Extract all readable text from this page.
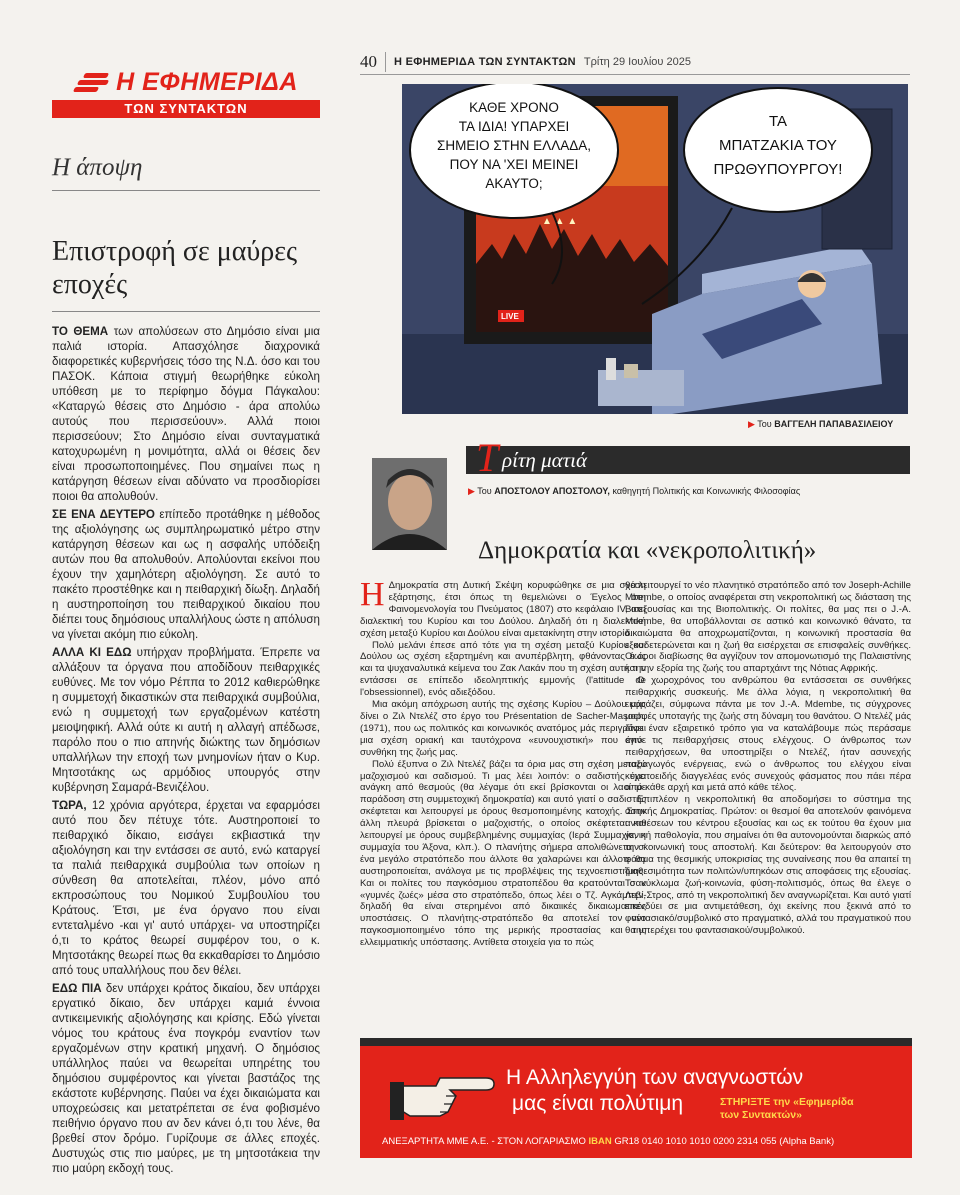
Η ΕΦΗΜΕΡΙΔΑ
ΤΩΝ ΣΥΝΤΑΚΤΩΝ
Η άποψη
Επιστροφή σε μαύρες εποχές

ΤΟ ΘΕΜΑ των απολύσεων στο Δημόσιο είναι μια παλιά ιστορία. Απασχόλησε διαχρονικά διαφορετικές κυβερνήσεις τόσο της Ν.Δ. όσο και του ΠΑΣΟΚ. Κάποια στιγμή θεωρήθηκε εύκολη υπόθεση με το περίφημο δόγμα Πάγκαλου: «Καταργώ θέσεις στο Δημόσιο - άρα απολύω αυτούς που περισσεύουν». Αλλά ποιοι περισσεύουν; Στο Δημόσιο είναι συνταγματικά κατοχυρωμένη η μονιμότητα, αλλά οι θέσεις δεν είναι προσωποποιημένες. Που σημαίνει πως η κατάργηση θέσεων είναι αδύνατο να προσδιορίσει ποιοι θα απολυθούν.

ΣΕ ΕΝΑ ΔΕΥΤΕΡΟ επίπεδο προτάθηκε η μέθοδος της αξιολόγησης ως συμπληρωματικό μέτρο στην κατάργηση θέσεων και ως η ασφαλής υπόδειξη αυτών που θα απολυθούν. Απολύονται εκείνοι που έχουν την χαμηλότερη αξιολόγηση. Σε αυτό το πακέτο προστέθηκε και η πειθαρχική δίωξη. Δηλαδή η αυστηροποίηση του πειθαρχικού δικαίου που διέπει τους δημόσιους υπαλλήλους ώστε η απόλυση να γίνεται ακόμη πιο εύκολη.

ΑΛΛΑ ΚΙ ΕΔΩ υπήρχαν προβλήματα. Έπρεπε να αλλάξουν τα όργανα που αποδίδουν πειθαρχικές ευθύνες. Με τον νόμο Ρέππα το 2012 καθιερώθηκε η συμμετοχή δικαστικών στα πειθαρχικά συμβούλια, ενώ η συμμετοχή των εργαζομένων κατέστη μειοψηφική. Αλλά ούτε κι αυτή η αλλαγή απέδωσε, παρόλο που ο πιο απηνής διώκτης των δημόσιων υπαλλήλων την εποχή των μνημονίων ήταν ο Κυρ. Μητσοτάκης ως αρμόδιος υπουργός στην κυβέρνηση Σαμαρά-Βενιζέλου.

ΤΩΡΑ, 12 χρόνια αργότερα, έρχεται να εφαρμόσει αυτό που δεν πέτυχε τότε. Αυστηροποιεί το πειθαρχικό δίκαιο, εισάγει εκβιαστικά την αξιολόγηση και την εντάσσει σε αυτό, ενώ καταργεί τα παλιά πειθαρχικά συμβούλια των οποίων η σύνθεση θα αποτελείται, πλέον, μόνο από εκπροσώπους του Νομικού Συμβουλίου του Κράτους. Έτσι, με ένα όργανο που είναι εντεταλμένο -και γι' αυτό υπάρχει- να υποστηρίζει ό,τι το κράτος θεωρεί συμφέρον του, ο κ. Μητσοτάκης θεωρεί πως θα εκκαθαρίσει το Δημόσιο από τους υπαλλήλους που δεν θέλει.

ΕΔΩ ΠΙΑ δεν υπάρχει κράτος δικαίου, δεν υπάρχει εργατικό δίκαιο, δεν υπάρχει καμιά έννοια αντικειμενικής αξιολόγησης και κρίσης. Εδώ γίνεται νόμος του κράτους ένα πογκρόμ εναντίον των εργαζομένων στην κρατική μηχανή. Ο δημόσιος υπάλληλος παύει να θεωρείται υπηρέτης του δημόσιου συμφέροντος και γίνεται βαστάζος της εκάστοτε κυβέρνησης. Παύει να έχει δικαιώματα και υποχρεώσεις και μετατρέπεται σε ένα φοβισμένο πειθήνιο όργανο που αν δεν κάνει ό,τι του λένε, θα βρεθεί στον δρόμο. Γυρίζουμε σε άλλες εποχές. Δυστυχώς στις πιο μαύρες, με τη μητσοτάκεια την πιο μαύρη εκδοχή τους.

40	Η ΕΦΗΜΕΡΙΔΑ ΤΩΝ ΣΥΝΤΑΚΤΩΝ Τρίτη 29 Ιουλίου 2025
▲ ▲ ▲
LIVE
ΚΑΘΕ ΧΡΟΝΟ
ΤΑ ΙΔΙΑ! ΥΠΑΡΧΕΙ
ΣΗΜΕΙΟ ΣΤΗΝ ΕΛΛΑΔΑ,
ΠΟΥ ΝΑ 'ΧΕΙ ΜΕΙΝΕΙ
ΑΚΑΥΤΟ;
ΤΑ
ΜΠΑΤΖΑΚΙΑ ΤΟΥ
ΠΡΩΘΥΠΟΥΡΓΟΥ!
▶ Του ΒΑΓΓΕΛΗ ΠΑΠΑΒΑΣΙΛΕΙΟΥ
Τ ρίτη ματιά
▶ Του ΑΠΟΣΤΟΛΟΥ ΑΠΟΣΤΟΛΟΥ, καθηγητή Πολιτικής και Κοινωνικής Φιλοσοφίας
Δημοκρατία και «νεκροπολιτική»

Η Δημοκρατία στη Δυτική Σκέψη κορυφώθηκε σε μια σχέση εξάρτησης, έτσι όπως τη θεμελιώνει ο Έγελος στη Φαινομενολογία του Πνεύματος (1807) στο κεφάλαιο IV, στη διαλεκτική του Κυρίου και του Δούλου. Δηλαδή ότι η διαλεκτική σχέση μεταξύ Κυρίου και Δούλου είναι αμετακίνητη στην ιστορία.

Πολύ μελάνι έπεσε από τότε για τη σχέση μεταξύ Κυρίου και Δούλου ως σχέση εξαρτημένη και ανυπέρβλητη, φθάνοντας έως και τα ψυχαναλυτικά κείμενα του Ζακ Λακάν που τη σχέση αυτή την εντάσσει σε επίπεδο ιδεοληπτικής εμμονής (l'attitude de l'obsessionnel), ενός αδιεξόδου.

Μια ακόμη απόχρωση αυτής της σχέσης Κυρίου – Δούλου μάς δίνει ο Ζιλ Ντελέζ στο έργο του Présentation de Sacher-Masoch, (1971), που ως πολιτικός και κοινωνικός ανατόμος μάς περιγράφει μια σχέση οριακή και ταυτόχρονα «ευνουχιστική» που έγινε συνθήκη της ζωής μας.

Πολύ έξυπνα ο Ζιλ Ντελέζ βάζει τα όρια μας στη σχέση μεταξύ μαζοχισμού και σαδισμού. Τι μας λέει λοιπόν: ο σαδιστής έχει ανάγκη από θεσμούς (θα λέγαμε ότι εκεί βρίσκονται οι λαοί με παράδοση στη συμμετοχική δημοκρατία) και αυτό γιατί ο σαδιστής σκέφτεται και λειτουργεί με όρους θεσμοποιημένης κατοχής. Στην άλλη πλευρά βρίσκεται ο μαζοχιστής, ο οποίος σκέφτεται και λειτουργεί με όρους συμβεβλημένης συμμαχίας (Ιερά Συμμαχία, η συμμαχία του Άξονα, κλπ.). Ο πλανήτης σήμερα απολιθώνεται σ' ένα μεγάλο στρατόπεδο που άλλοτε θα χαλαρώνει και άλλοτε θα αυστηροποιείται, ανάλογα με τις προβλέψεις της τεχνοεπιστήμης. Και οι πολίτες του παγκόσμιου στρατοπέδου θα κρατούνται σαν «γυμνές ζωές» μέσα στο στρατόπεδο, όπως λέει ο Τζ. Αγκάμπεν, δηλαδή θα είναι στερημένοι από δικαιικές δικαιωματικές υποστάσεις. Ο πλανήτης-στρατόπεδο θα αποτελεί τον νέο παγκοσμιοποιημένο τόπο της μερικής προστασίας και της ελλειμματικής υπόστασης. Αντίθετα στοιχεία για το πώς

θα λειτουργεί το νέο πλανητικό στρατόπεδο από τον Joseph-Achille Mbembe, ο οποίος αναφέρεται στη νεκροπολιτική ως διάσταση της Βιοεξουσίας και της Βιοπολιτικής. Οι πολίτες, θα μας πει ο J.-A. Mdembe, θα υποβάλλονται σε αστικό και κοινωνικό θάνατο, τα δικαιώματα θα αποχρωματίζονται, η κοινωνική προστασία θα εξουδετερώνεται και η ζωή θα εισέρχεται σε επισφαλείς συνθήκες. Οι όροι διαβίωσης θα αγγίζουν τον απομονωτισμό της Παλαιστίνης και την εξορία της ζωής του απαρτχάιντ της Νότιας Αφρικής.

Ο χωροχρόνος του ανθρώπου θα εντάσσεται σε συνθήκες πειθαρχικής συσκευής. Με άλλα λόγια, η νεκροπολιτική θα εκφράζει, σύμφωνα πάντα με τον J.-A. Mdembe, τις σύγχρονες μορφές υποταγής της ζωής στη δύναμη του θανάτου. Ο Ντελέζ μάς δίνει έναν εξαιρετικό τρόπο για να καταλάβουμε πώς περάσαμε από τις πειθαρχήσεις στους ελέγχους. Ο άνθρωπος των πειθαρχήσεων, θα υποστηρίξει ο Ντελέζ, ήταν ασυνεχής παραγωγός ενέργειας, ενώ ο άνθρωπος του ελέγχου είναι κυματοειδής διαγγελέας ενός συνεχούς φάσματος που πάει πέρα από κάθε αρχή και μετά από κάθε τέλος.

Επιπλέον η νεκροπολιτική θα αποδομήσει το σύστημα της αστικής Δημοκρατίας. Πρώτον: οι θεσμοί θα αποτελούν φαινόμενα αντιθέσεων του κέντρου εξουσίας και ως εκ τούτου θα έχουν μια γενική παθολογία, που σημαίνει ότι θα αυτονομούνται διαρκώς από την κοινωνική τους αποστολή. Και δεύτερον: θα λειτουργούν στο φάσμα της θεσμικής υποκρισίας της συναίνεσης που θα απαιτεί τη διαθεσιμότητα των πολιτών/υπηκόων στις αποφάσεις της εξουσίας. Το κύκλωμα ζωή-κοινωνία, φύση-πολιτισμός, όπως θα έλεγε ο Λεβί-Στρος, από τη νεκροπολιτική δεν αναγνωρίζεται. Και αυτό γιατί επενδύει σε μια αντιμετάθεση, όχι εκείνης που ξεκινά από το φαντασιακό/συμβολικό στο πραγματικό, αλλά του πραγματικού που θα υπερέχει του φαντασιακού/συμβολικού.

Η Αλληλεγγύη των αναγνωστών
μας είναι πολύτιμη	ΣΤΗΡΙΞΤΕ την «Εφημερίδα
των Συντακτών»
ΑΝΕΞΑΡΤΗΤΑ ΜΜΕ Α.Ε. - ΣΤΟΝ ΛΟΓΑΡΙΑΣΜΟ IBAN GR18 0140 1010 1010 0200 2314 055 (Alpha Bank)
